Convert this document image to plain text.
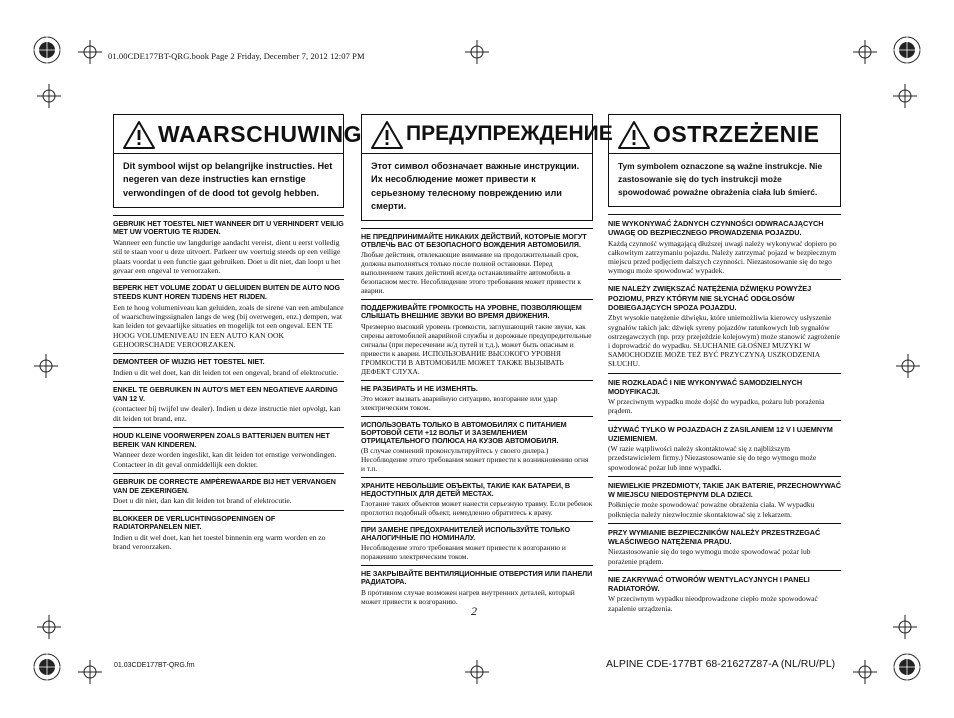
01.00CDE177BT-QRG.book Page 2 Friday, December 7, 2012 12:07 PM
WAARSCHUWING
Dit symbool wijst op belangrijke instructies. Het negeren van deze instructies kan ernstige verwondingen of de dood tot gevolg hebben.

GEBRUIK HET TOESTEL NIET WANNEER DIT U VERHINDERT VEILIG MET UW VOERTUIG TE RIJDEN.

Wanneer een functie uw langdurige aandacht vereist, dient u eerst volledig stil te staan voor u deze uitvoert. Parkeer uw voertuig steeds op een veilige plaats voordat u een functie gaat gebruiken. Doet u dit niet, dan loopt u het gevaar een ongeval te veroorzaken.

BEPERK HET VOLUME ZODAT U GELUIDEN BUITEN DE AUTO NOG STEEDS KUNT HOREN TIJDENS HET RIJDEN.

Een te hoog volumeniveau kan geluiden, zoals de sirene van een ambulance of waarschuwingssignalen langs de weg (bij overwegen, enz.) dempen, wat kan leiden tot gevaarlijke situaties en mogelijk tot een ongeval. EEN TE HOOG VOLUMENIVEAU IN EEN AUTO KAN OOK GEHOORSCHADE VEROORZAKEN.

DEMONTEER OF WIJZIG HET TOESTEL NIET.

Indien u dit wel doet, kan dit leiden tot een ongeval, brand of elektrocutie.

ENKEL TE GEBRUIKEN IN AUTO'S MET EEN NEGATIEVE AARDING VAN 12 V.

(contacteer bij twijfel uw dealer). Indien u deze instructie niet opvolgt, kan dit leiden tot brand, enz.

HOUD KLEINE VOORWERPEN ZOALS BATTERIJEN BUITEN HET BEREIK VAN KINDEREN.

Wanneer deze worden ingeslikt, kan dit leiden tot ernstige verwondingen. Contacteer in dit geval onmiddellijk een dokter.

GEBRUIK DE CORRECTE AMPÈREWAARDE BIJ HET VERVANGEN VAN DE ZEKERINGEN.

Doet u dit niet, dan kan dit leiden tot brand of elektrocutie.

BLOKKEER DE VERLUCHTINGSOPENINGEN OF RADIATORPANELEN NIET.

Indien u dit wel doet, kan het toestel binnenin erg warm worden en zo brand veroorzaken.

ПРЕДУПРЕЖДЕНИЕ
Этот символ обозначает важные инструкции. Их несоблюдение может привести к серьезному телесному повреждению или смерти.

НЕ ПРЕДПРИНИМАЙТЕ НИКАКИХ ДЕЙСТВИЙ, КОТОРЫЕ МОГУТ ОТВЛЕЧЬ ВАС ОТ БЕЗОПАСНОГО ВОЖДЕНИЯ АВТОМОБИЛЯ.

Любые действия, отвлекающие внимание на продолжительный срок, должны выполняться только после полной остановки. Перед выполнением таких действий всегда останавливайте автомобиль в безопасном месте. Несоблюдение этого требования может привести к аварии.

ПОДДЕРЖИВАЙТЕ ГРОМКОСТЬ НА УРОВНЕ, ПОЗВОЛЯЮЩЕМ СЛЫШАТЬ ВНЕШНИЕ ЗВУКИ ВО ВРЕМЯ ДВИЖЕНИЯ.

Чрезмерно высокий уровень громкости, заглушающий такие звуки, как сирены автомобилей аварийной службы и дорожные предупредительные сигналы (при пересечении ж/д путей и т.д.), может быть опасным и привести к аварии. ИСПОЛЬЗОВАНИЕ ВЫСОКОГО УРОВНЯ ГРОМКОСТИ В АВТОМОБИЛЕ МОЖЕТ ТАКЖЕ ВЫЗЫВАТЬ ДЕФЕКТ СЛУХА.

НЕ РАЗБИРАТЬ И НЕ ИЗМЕНЯТЬ.

Это может вызвать аварийную ситуацию, возгорание или удар электрическим током.

ИСПОЛЬЗОВАТЬ ТОЛЬКО В АВТОМОБИЛЯХ С ПИТАНИЕМ БОРТОВОЙ СЕТИ +12 ВОЛЬТ И ЗАЗЕМЛЕНИЕМ ОТРИЦАТЕЛЬНОГО ПОЛЮСА НА КУЗОВ АВТОМОБИЛЯ.

(В случае сомнений проконсультируйтесь у своего дилера.) Несоблюдение этого требования может привести к возникновению огня и т.п.

ХРАНИТЕ НЕБОЛЬШИЕ ОБЪЕКТЫ, ТАКИЕ КАК БАТАРЕИ, В НЕДОСТУПНЫХ ДЛЯ ДЕТЕЙ МЕСТАХ.

Глотание таких объектов может нанести серьезную травму. Если ребенок проглотил подобный объект, немедленно обратитесь к врачу.

ПРИ ЗАМЕНЕ ПРЕДОХРАНИТЕЛЕЙ ИСПОЛЬЗУЙТЕ ТОЛЬКО АНАЛОГИЧНЫЕ ПО НОМИНАЛУ.

Несоблюдение этого требования может привести к возгоранию и поражению электрическим током.

НЕ ЗАКРЫВАЙТЕ ВЕНТИЛЯЦИОННЫЕ ОТВЕРСТИЯ ИЛИ ПАНЕЛИ РАДИАТОРА.

В противном случае возможен нагрев внутренних деталей, который может привести к возгоранию.

OSTRZEŻENIE
Tym symbolem oznaczone są ważne instrukcje. Nie zastosowanie się do tych instrukcji może spowodować poważne obrażenia ciała lub śmierć.

NIE WYKONYWAĆ ŻADNYCH CZYNNOŚCI ODWRACAJĄCYCH UWAGĘ OD BEZPIECZNEGO PROWADZENIA POJAZDU.

Każdą czynność wymagającą dłuższej uwagi należy wykonywać dopiero po całkowitym zatrzymaniu pojazdu. Należy zatrzymać pojazd w bezpiecznym miejscu przed podjęciem dalszych czynności. Niezastosowanie się do tego wymogu może spowodować wypadek.

NIE NALEŻY ZWIĘKSZAĆ NATĘŻENIA DŹWIĘKU POWYŻEJ POZIOMU, PRZY KTÓRYM NIE SŁYCHAĆ ODGŁOSÓW DOBIEGAJĄCYCH SPOZA POJAZDU.

Zbyt wysokie natężenie dźwięku, które uniemożliwia kierowcy usłyszenie sygnałów takich jak: dźwięk syreny pojazdów ratunkowych lub sygnałów ostrzegawczych (np. przy przejeździe kolejowym) może stanowić zagrożenie i doprowadzić do wypadku. SŁUCHANIE GŁOŚNEJ MUZYKI W SAMOCHODZIE MOŻE TEŻ BYĆ PRZYCZYNĄ USZKODZENIA SŁUCHU.

NIE ROZKŁADAĆ I NIE WYKONYWAĆ SAMODZIELNYCH MODYFIKACJI.

W przeciwnym wypadku może dojść do wypadku, pożaru lub porażenia prądem.

UŻYWAĆ TYLKO W POJAZDACH Z ZASILANIEM 12 V I UJEMNYM UZIEMIENIEM.

(W razie wątpliwości należy skontaktować się z najbliższym przedstawicielem firmy.) Niezastosowanie się do tego wymogu może spowodować pożar lub inne wypadki.

NIEWIELKIE PRZEDMIOTY, TAKIE JAK BATERIE, PRZECHOWYWAĆ W MIEJSCU NIEDOSTĘPNYM DLA DZIECI.

Połknięcie może spowodować poważne obrażenia ciała. W wypadku połknięcia należy niezwłocznie skontaktować się z lekarzem.

PRZY WYMIANIE BEZPIECZNIKÓW NALEŻY PRZESTRZEGAĆ WŁAŚCIWEGO NATĘŻENIA PRĄDU.

Niezastosowanie się do tego wymogu może spowodować pożar lub porażenie prądem.

NIE ZAKRYWAĆ OTWORÓW WENTYLACYJNYCH I PANELI RADIATORÓW.

W przeciwnym wypadku nieodprowadzone ciepło może spowodować zapalenie urządzenia.

2
01.03CDE177BT-QRG.fm	ALPINE CDE-177BT 68-21627Z87-A (NL/RU/PL)
